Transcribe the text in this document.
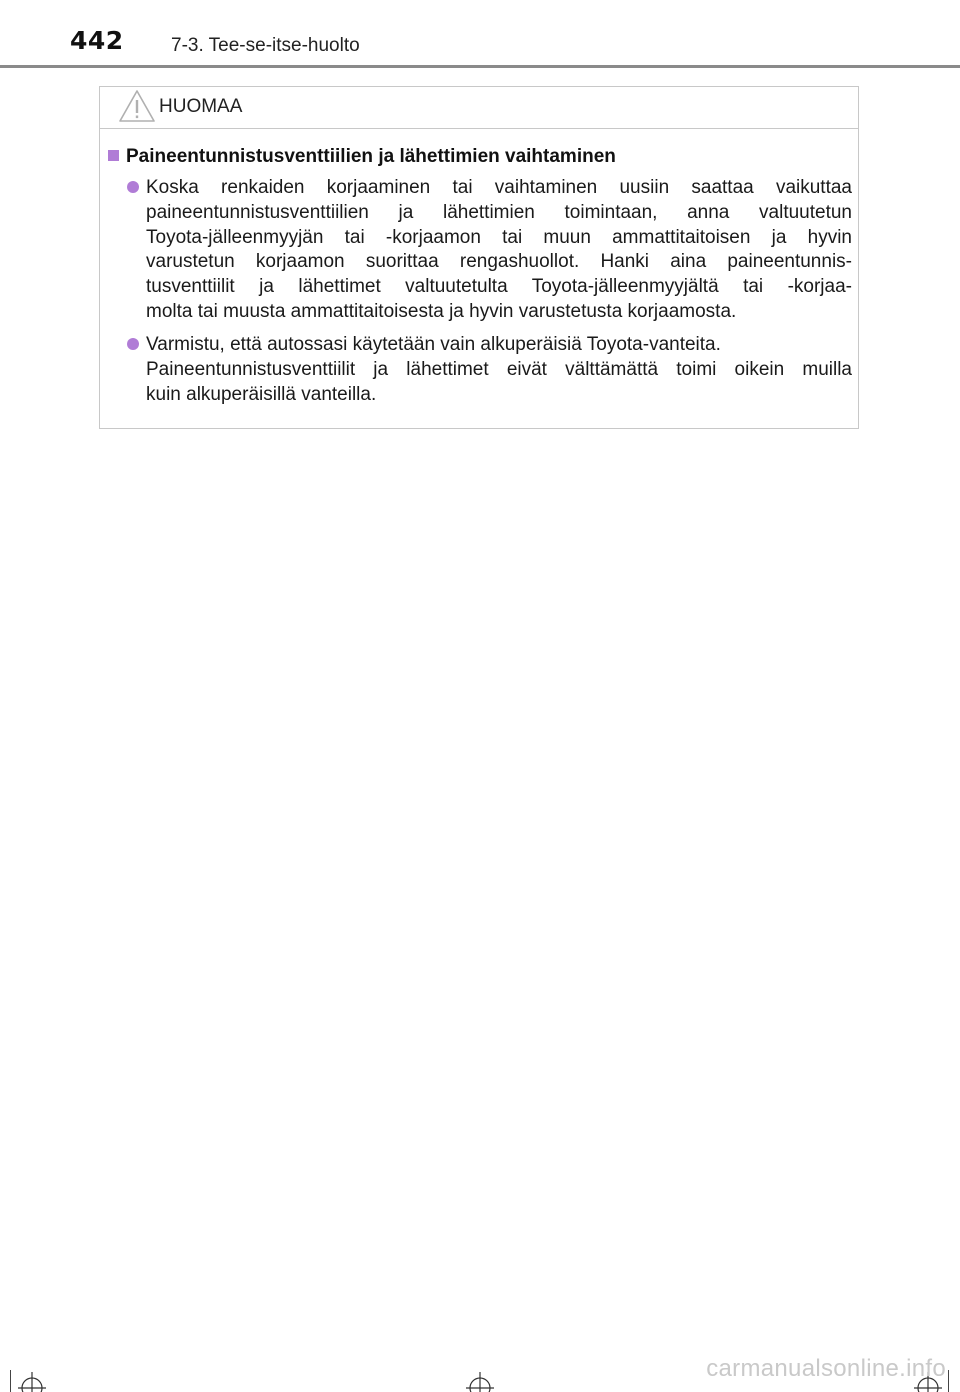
442 7-3. Tee-se-itse-huolto
HUOMAA
Paineentunnistusventtiilien ja lähettimien vaihtaminen
Koska renkaiden korjaaminen tai vaihtaminen uusiin saattaa vaikuttaa
paineentunnistusventtiilien ja lähettimien toimintaan, anna valtuutetun
Toyota-jälleenmyyjän tai -korjaamon tai muun ammattitaitoisen ja hyvin
varustetun korjaamon suorittaa rengashuollot. Hanki aina paineentunnis-
tusventtiilit ja lähettimet valtuutetulta Toyota-jälleenmyyjältä tai -korjaa-
molta tai muusta ammattitaitoisesta ja hyvin varustetusta korjaamosta.
Varmistu, että autossasi käytetään vain alkuperäisiä Toyota-vanteita.
Paineentunnistusventtiilit ja lähettimet eivät välttämättä toimi oikein muilla
kuin alkuperäisillä vanteilla.
carmanualsonline.info
